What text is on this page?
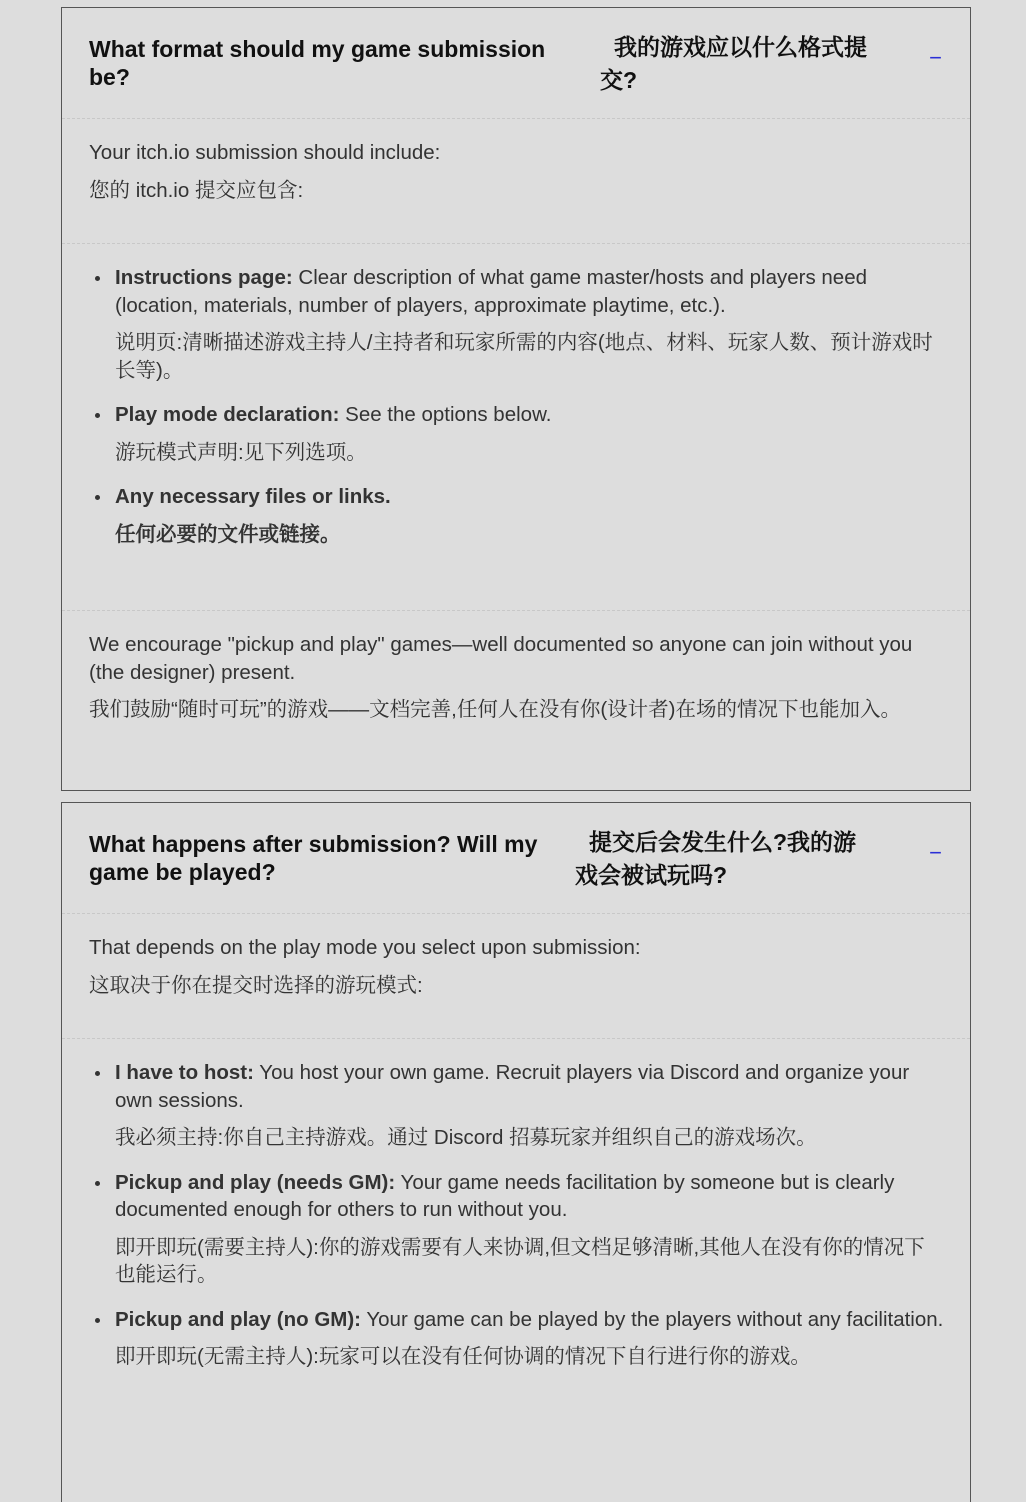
What format should my game submission be?
我的游戏应以什么格式提交?
−

Your itch.io submission should include:

您的 itch.io 提交应包含:

Instructions page: Clear description of what game master/hosts and players need (location, materials, number of players, approximate playtime, etc.).

说明页:清晰描述游戏主持人/主持者和玩家所需的内容(地点、材料、玩家人数、预计游戏时长等)。

Play mode declaration: See the options below.

游玩模式声明:见下列选项。

Any necessary files or links.

任何必要的文件或链接。

We encourage "pickup and play" games—well documented so anyone can join without you (the designer) present.

我们鼓励“随时可玩”的游戏——文档完善,任何人在没有你(设计者)在场的情况下也能加入。

What happens after submission? Will my game be played?
提交后会发生什么?我的游戏会被试玩吗?
−

That depends on the play mode you select upon submission:

这取决于你在提交时选择的游玩模式:

I have to host: You host your own game. Recruit players via Discord and organize your own sessions.

我必须主持:你自己主持游戏。通过 Discord 招募玩家并组织自己的游戏场次。

Pickup and play (needs GM): Your game needs facilitation by someone but is clearly documented enough for others to run without you.

即开即玩(需要主持人):你的游戏需要有人来协调,但文档足够清晰,其他人在没有你的情况下也能运行。

Pickup and play (no GM): Your game can be played by the players without any facilitation.

即开即玩(无需主持人):玩家可以在没有任何协调的情况下自行进行你的游戏。
